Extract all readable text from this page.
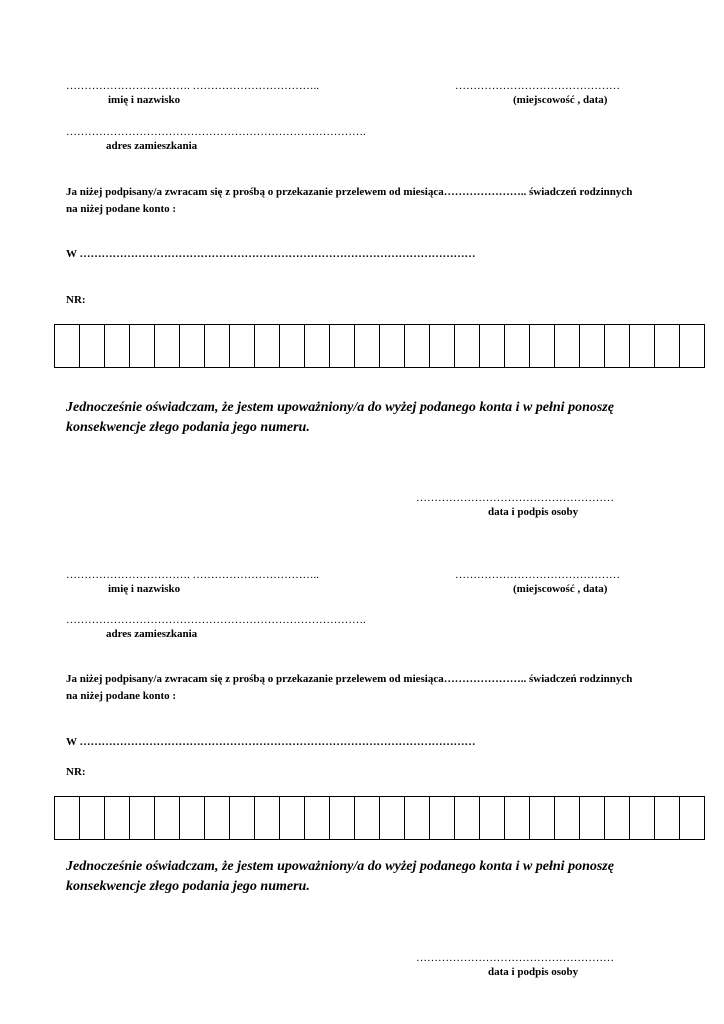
……………………………. ……………………………..	………………………………………
imię i nazwisko	(miejscowość , data)
……………………………………………………………………….
adres zamieszkania
Ja niżej podpisany/a zwracam się z prośbą o przekazanie przelewem od miesiąca………………….. świadczeń rodzinnych na niżej podane konto :
W ………………………………………………………………………………………………
NR:
Jednocześnie oświadczam, że jestem upoważniony/a do wyżej podanego konta i w pełni ponoszę konsekwencje złego podania jego numeru.
………………………………………………
data i podpis osoby
……………………………. ……………………………..	………………………………………
imię i nazwisko	(miejscowość , data)
……………………………………………………………………….
adres zamieszkania
Ja niżej podpisany/a zwracam się z prośbą o przekazanie przelewem od miesiąca………………….. świadczeń rodzinnych na niżej podane konto :
W ………………………………………………………………………………………………
NR:
Jednocześnie oświadczam, że jestem upoważniony/a do wyżej podanego konta i w pełni ponoszę konsekwencje złego podania jego numeru.
………………………………………………
data i podpis osoby
